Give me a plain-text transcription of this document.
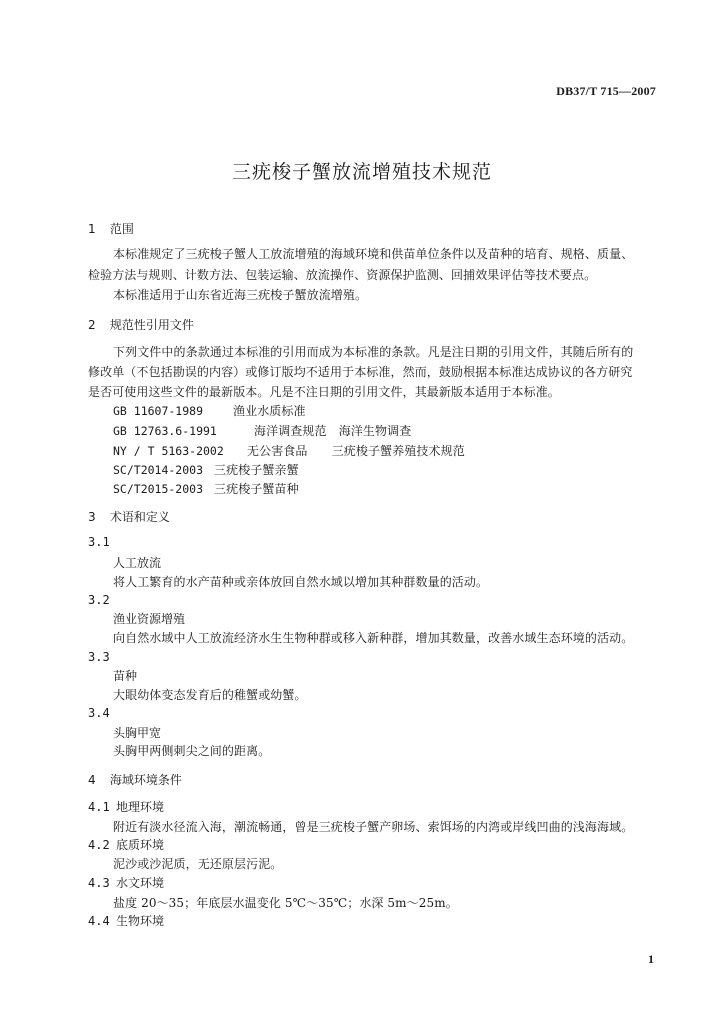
DB37/T 715—2007
三疣梭子蟹放流增殖技术规范
1 范围
本标准规定了三疣梭子蟹人工放流增殖的海域环境和供苗单位条件以及苗种的培育、规格、质量、
检验方法与规则、计数方法、包装运输、放流操作、资源保护监测、回捕效果评估等技术要点。
本标准适用于山东省近海三疣梭子蟹放流增殖。
2 规范性引用文件
下列文件中的条款通过本标准的引用而成为本标准的条款。凡是注日期的引用文件，其随后所有的
修改单（不包括勘误的内容）或修订版均不适用于本标准，然而，鼓励根据本标准达成协议的各方研究
是否可使用这些文件的最新版本。凡是不注日期的引用文件，其最新版本适用于本标准。
GB 11607-1989 渔业水质标准
GB 12763.6-1991	海洋调查规范　海洋生物调查
NY / T 5163-2002 无公害食品　　三疣梭子蟹养殖技术规范
SC/T2014-2003 三疣梭子蟹亲蟹
SC/T2015-2003 三疣梭子蟹苗种
3 术语和定义
3.1
人工放流
将人工繁育的水产苗种或亲体放回自然水域以增加其种群数量的活动。
3.2
渔业资源增殖
向自然水域中人工放流经济水生生物种群或移入新种群，增加其数量，改善水域生态环境的活动。
3.3
苗种
大眼幼体变态发育后的稚蟹或幼蟹。
3.4
头胸甲宽
头胸甲两侧刺尖之间的距离。
4 海域环境条件
4.1 地理环境
附近有淡水径流入海，潮流畅通，曾是三疣梭子蟹产卵场、索饵场的内湾或岸线凹曲的浅海海域。
4.2 底质环境
泥沙或沙泥质，无还原层污泥。
4.3 水文环境
盐度 20～35；年底层水温变化 5℃～35℃；水深 5m～25m。
4.4 生物环境
1
